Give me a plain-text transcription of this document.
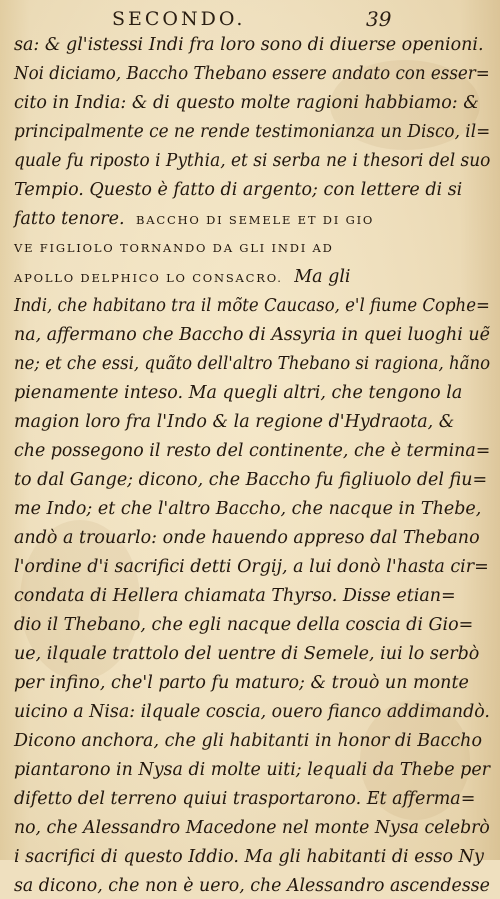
SECONDO.	39
sa: & gl'istessi Indi fra loro sono di diuerse openioni.
Noi diciamo, Baccho Thebano essere andato con esser=
cito in India: & di questo molte ragioni habbiamo: &
principalmente ce ne rende testimonianza un Disco, il=
quale fu riposto i Pythia, et si serba ne i thesori del suo
Tempio. Questo è fatto di argento; con lettere di si
fatto tenore. BACCHO DI SEMELE ET DI GIO
VE FIGLIOLO TORNANDO DA GLI INDI AD
APOLLO DELPHICO LO CONSACRO. Ma gli
Indi, che habitano tra il mõte Caucaso, e'l fiume Cophe=
na, affermano che Baccho di Assyria in quei luoghi uẽ
ne; et che essi, quãto dell'altro Thebano si ragiona, hãno
pienamente inteso. Ma quegli altri, che tengono la
magion loro fra l'Indo & la regione d'Hydraota, &
che possegono il resto del continente, che è termina=
to dal Gange; dicono, che Baccho fu figliuolo del fiu=
me Indo; et che l'altro Baccho, che nacque in Thebe,
andò a trouarlo: onde hauendo appreso dal Thebano
l'ordine d'i sacrifici detti Orgij, a lui donò l'hasta cir=
condata di Hellera chiamata Thyrso. Disse etian=
dio il Thebano, che egli nacque della coscia di Gio=
ue, ilquale trattolo del uentre di Semele, iui lo serbò
per infino, che'l parto fu maturo; & trouò un monte
uicino a Nisa: ilquale coscia, ouero fianco addimandò.
Dicono anchora, che gli habitanti in honor di Baccho
piantarono in Nysa di molte uiti; lequali da Thebe per
difetto del terreno quiui trasportarono. Et afferma=
no, che Alessandro Macedone nel monte Nysa celebrò
i sacrifici di questo Iddio. Ma gli habitanti di esso Ny
sa dicono, che non è uero, che Alessandro ascendesse
